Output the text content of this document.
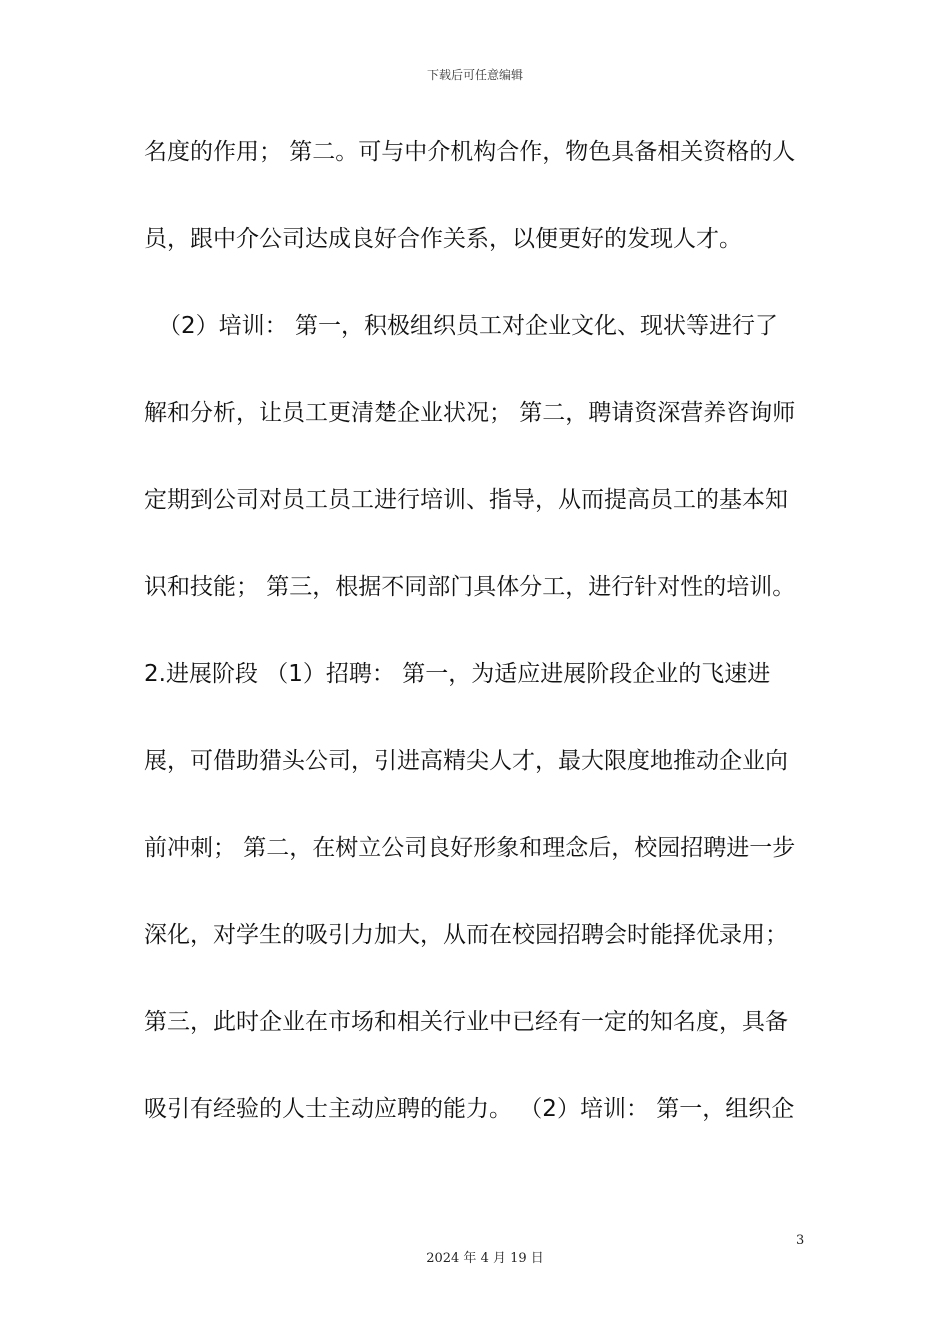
下载后可任意编辑
名度的作用； 第二。可与中介机构合作，物色具备相关资格的人
员，跟中介公司达成良好合作关系，以便更好的发现人才。
（2）培训： 第一，积极组织员工对企业文化、现状等进行了
解和分析，让员工更清楚企业状况； 第二，聘请资深营养咨询师
定期到公司对员工员工进行培训、指导，从而提高员工的基本知
识和技能； 第三，根据不同部门具体分工，进行针对性的培训。
2.进展阶段 （1）招聘： 第一，为适应进展阶段企业的飞速进
展，可借助猎头公司，引进高精尖人才，最大限度地推动企业向
前冲刺； 第二，在树立公司良好形象和理念后，校园招聘进一步
深化，对学生的吸引力加大，从而在校园招聘会时能择优录用；
第三，此时企业在市场和相关行业中已经有一定的知名度，具备
吸引有经验的人士主动应聘的能力。 （2）培训： 第一，组织企
3
2024 年 4 月 19 日
